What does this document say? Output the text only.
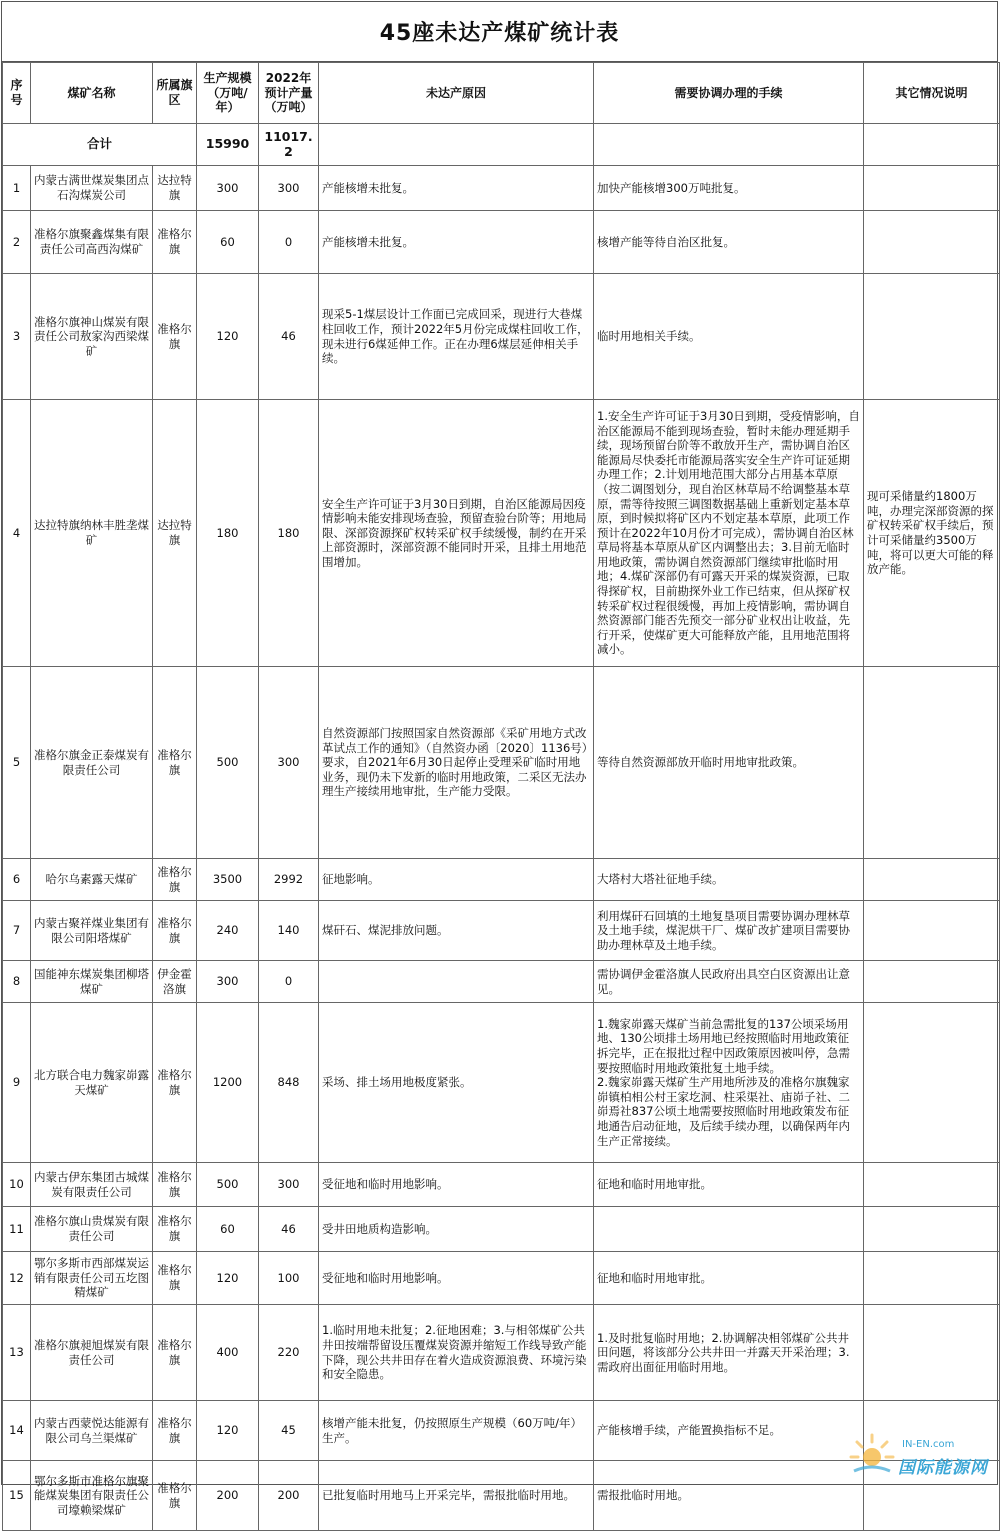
45座未达产煤矿统计表
序号	煤矿名称	所属旗区	生产规模（万吨/年）	2022年预计产量（万吨）	未达产原因	需要协调办理的手续	其它情况说明
合计			15990	11017.2			
1	内蒙古满世煤炭集团点石沟煤炭公司	达拉特旗	300	300	产能核增未批复。	加快产能核增300万吨批复。	
2	准格尔旗聚鑫煤集有限责任公司高西沟煤矿	准格尔旗	60	0	产能核增未批复。	核增产能等待自治区批复。	
3	准格尔旗神山煤炭有限责任公司敖家沟西梁煤矿	准格尔旗	120	46	现采5-1煤层设计工作面已完成回采，现进行大巷煤柱回收工作，预计2022年5月份完成煤柱回收工作，现未进行6煤延伸工作。正在办理6煤层延伸相关手续。	临时用地相关手续。	
4	达拉特旗纳林丰胜垄煤矿	达拉特旗	180	180	安全生产许可证于3月30日到期，自治区能源局因疫情影响未能安排现场查验，预留查验台阶等；用地局限、深部资源探矿权转采矿权手续缓慢，制约在开采上部资源时，深部资源不能同时开采，且排土用地范围增加。	1.安全生产许可证于3月30日到期，受疫情影响，自治区能源局不能到现场查验，暂时未能办理延期手续，现场预留台阶等不敢放开生产，需协调自治区能源局尽快委托市能源局落实安全生产许可证延期办理工作；2.计划用地范围大部分占用基本草原（按二调图划分，现自治区林草局不给调整基本草原，需等待按照三调图数据基础上重新划定基本草原，到时候拟将矿区内不划定基本草原，此项工作预计在2022年10月份才可完成），需协调自治区林草局将基本草原从矿区内调整出去；3.目前无临时用地政策，需协调自然资源部门继续审批临时用地；4.煤矿深部仍有可露天开采的煤炭资源，已取得探矿权，目前勘探外业工作已结束，但从探矿权转采矿权过程很缓慢，再加上疫情影响，需协调自然资源部门能否先预交一部分矿业权出让收益，先行开采，使煤矿更大可能释放产能，且用地范围将减小。	现可采储量约1800万吨，办理完深部资源的探矿权转采矿权手续后，预计可采储量约3500万吨，将可以更大可能的释放产能。
5	准格尔旗金正泰煤炭有限责任公司	准格尔旗	500	300	自然资源部门按照国家自然资源部《采矿用地方式改革试点工作的通知》（自然资办函〔2020〕1136号）要求，自2021年6月30日起停止受理采矿临时用地业务，现仍未下发新的临时用地政策，二采区无法办理生产接续用地审批，生产能力受限。	等待自然资源部放开临时用地审批政策。	
6	哈尔乌素露天煤矿	准格尔旗	3500	2992	征地影响。	大塔村大塔社征地手续。	
7	内蒙古聚祥煤业集团有限公司阳塔煤矿	准格尔旗	240	140	煤矸石、煤泥排放问题。	利用煤矸石回填的土地复垦项目需要协调办理林草及土地手续，煤泥烘干厂、煤矿改扩建项目需要协助办理林草及土地手续。	
8	国能神东煤炭集团柳塔煤矿	伊金霍洛旗	300	0		需协调伊金霍洛旗人民政府出具空白区资源出让意见。	
9	北方联合电力魏家峁露天煤矿	准格尔旗	1200	848	采场、排土场用地极度紧张。	1.魏家峁露天煤矿当前急需批复的137公顷采场用地、130公顷排土场用地已经按照临时用地政策征拆完毕，正在报批过程中因政策原因被叫停，急需要按照临时用地政策批复土地手续。
2.魏家峁露天煤矿生产用地所涉及的准格尔旗魏家峁镇柏相公村王家圪洞、柱采渠社、庙峁子社、二峁焉社837公顷土地需要按照临时用地政策发布征地通告启动征地，及后续手续办理，以确保两年内生产正常接续。	
10	内蒙古伊东集团古城煤炭有限责任公司	准格尔旗	500	300	受征地和临时用地影响。	征地和临时用地审批。	
11	准格尔旗山贵煤炭有限责任公司	准格尔旗	60	46	受井田地质构造影响。		
12	鄂尔多斯市西部煤炭运销有限责任公司五圪图精煤矿	准格尔旗	120	100	受征地和临时用地影响。	征地和临时用地审批。	
13	准格尔旗昶旭煤炭有限责任公司	准格尔旗	400	220	1.临时用地未批复；2.征地困难；3.与相邻煤矿公共井田按端帮留设压覆煤炭资源并缩短工作线导致产能下降，现公共井田存在着火造成资源浪费、环境污染和安全隐患。	1.及时批复临时用地；2.协调解决相邻煤矿公共井田问题，将该部分公共井田一并露天开采治理；3.需政府出面征用临时用地。	
14	内蒙古西蒙悦达能源有限公司乌兰渠煤矿	准格尔旗	120	45	核增产能未批复，仍按照原生产规模（60万吨/年）生产。	产能核增手续，产能置换指标不足。	
15	鄂尔多斯市准格尔旗聚能煤炭集团有限责任公司壕赖梁煤矿	准格尔旗	200	200	已批复临时用地马上开采完毕，需报批临时用地。	需报批临时用地。	
IN-EN.com
国际能源网
